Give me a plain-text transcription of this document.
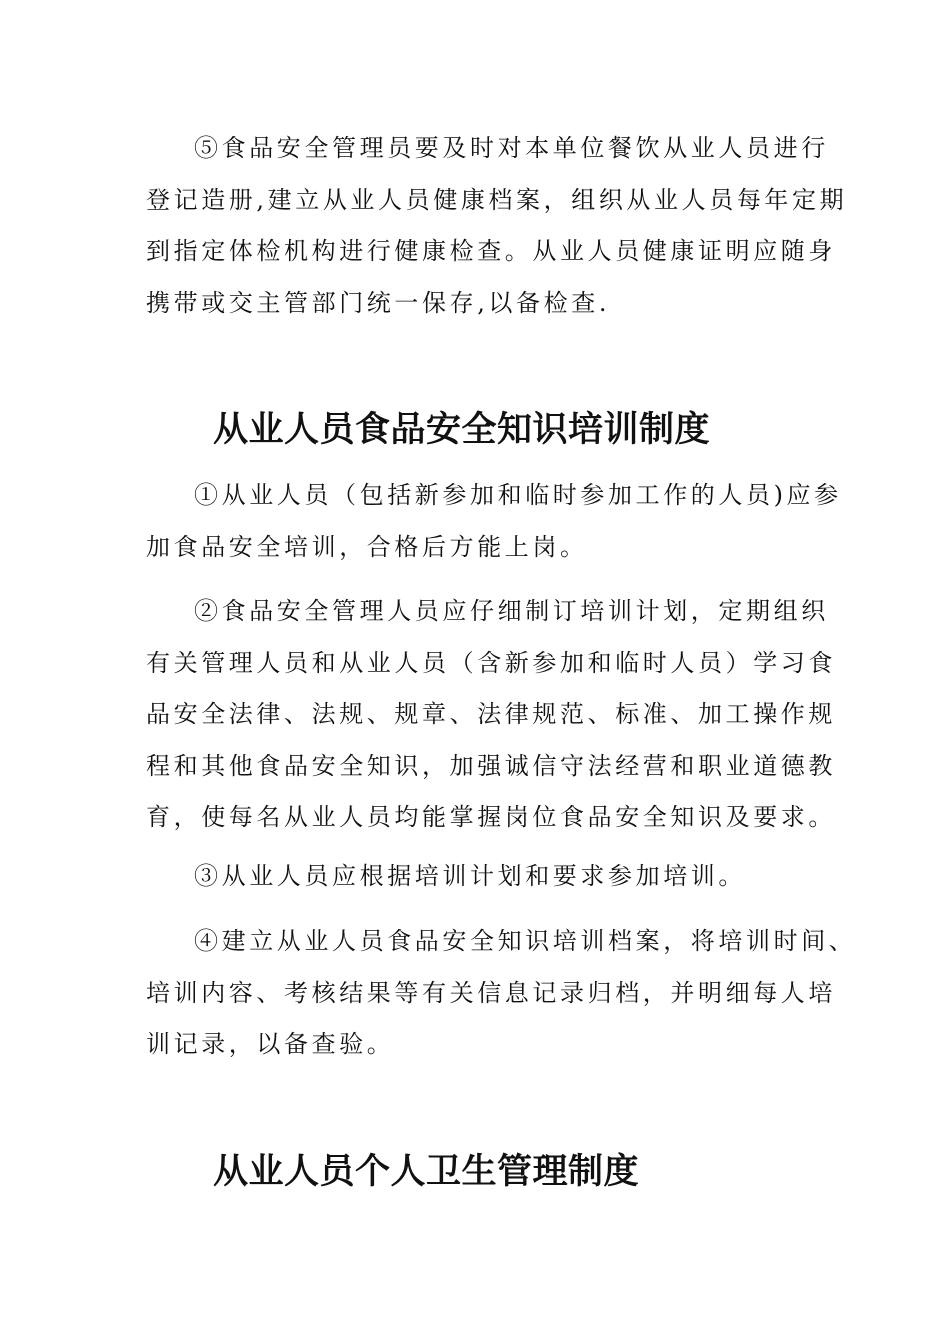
⑤食品安全管理员要及时对本单位餐饮从业人员进行
登记造册,建立从业人员健康档案，组织从业人员每年定期
到指定体检机构进行健康检查。从业人员健康证明应随身
携带或交主管部门统一保存,以备检查.
从业人员食品安全知识培训制度
①从业人员（包括新参加和临时参加工作的人员)应参
加食品安全培训，合格后方能上岗。
②食品安全管理人员应仔细制订培训计划，定期组织
有关管理人员和从业人员（含新参加和临时人员）学习食
品安全法律、法规、规章、法律规范、标准、加工操作规
程和其他食品安全知识，加强诚信守法经营和职业道德教
育，使每名从业人员均能掌握岗位食品安全知识及要求。
③从业人员应根据培训计划和要求参加培训。
④建立从业人员食品安全知识培训档案，将培训时间、
培训内容、考核结果等有关信息记录归档，并明细每人培
训记录，以备查验。
从业人员个人卫生管理制度
